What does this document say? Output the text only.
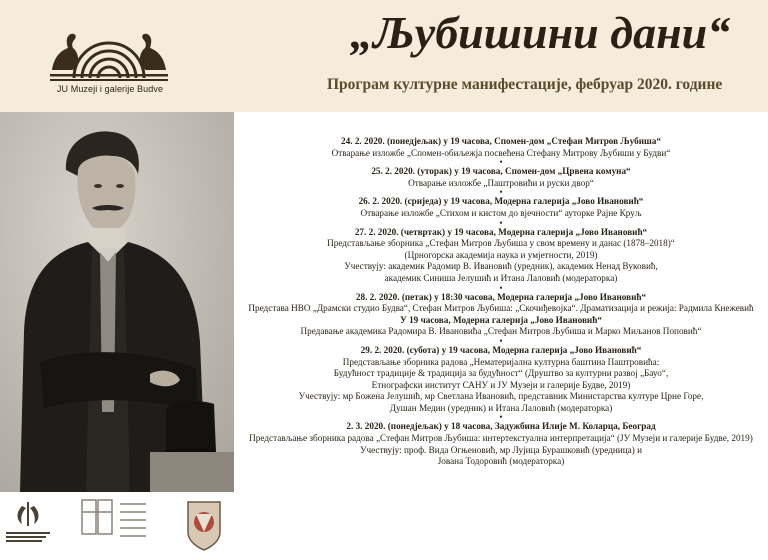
JU Muzeji i galerije Budve
„Љубишини дани“
Програм културне манифестације, фебруар 2020. године
24. 2. 2020. (понедјељак) у 19 часова, Спомен-дом „Стефан Митров Љубиша“
Отварање изложбе „Спомен-обиљежја посвећена Стефану Митрову Љубиши у Будви“
•
25. 2. 2020. (уторак) у 19 часова, Спомен-дом „Црвена комуна“
Отварање изложбе „Паштровићи и руски двор“
•
26. 2. 2020. (сриједа) у 19 часова, Модерна галерија „Јово Ивановић“
Отварање изложбе „Стихом и кистом до вјечности“ ауторке Рајне Круљ
•
27. 2. 2020. (четвртак) у 19 часова, Модерна галерија „Јово Ивановић“
Представљање зборника „Стефан Митров Љубиша у свом времену и данас (1878–2018)“
(Црногорска академија наука и умјетности, 2019)
Учествују: академик Радомир В. Ивановић (уредник), академик Ненад Вуковић,
академик Синиша Јелушић и Итана Лаловић (модераторка)
•
28. 2. 2020. (петак) у 18:30 часова, Модерна галерија „Јово Ивановић“
Представа НВО „Драмски студио Будва“, Стефан Митров Љубиша: „Скочиђевојка“. Драматизација и режија: Радмила Кнежевић
У 19 часова, Модерна галерија „Јово Ивановић“
Предавање академика Радомира В. Ивановића „Стефан Митров Љубиша и Марко Миљанов Поповић“
•
29. 2. 2020. (субота) у 19 часова, Модерна галерија „Јово Ивановић“
Представљање зборника радова „Нематеријална културна баштина Паштровића:
Будућност традиције & традиција за будућност“ (Друштво за културни развој „Бауо“,
Етнографски институт САНУ и ЈУ Музеји и галерије Будве, 2019)
Учествују: мр Божена Јелушић, мр Светлана Ивановић, представник Министарства културе Црне Горе,
Душан Медин (уредник) и Итана Лаловић (модераторка)
•
2. 3. 2020. (понедјељак) у 18 часова, Задужбина Илије М. Коларца, Београд
Представљање зборника радова „Стефан Митров Љубиша: интертекстуална интерпретација“ (ЈУ Музеји и галерије Будве, 2019)
Учествују: проф. Вида Огњеновић, мр Лујица Бурашковић (уредница) и
Јована Тодоровић (модераторка)
